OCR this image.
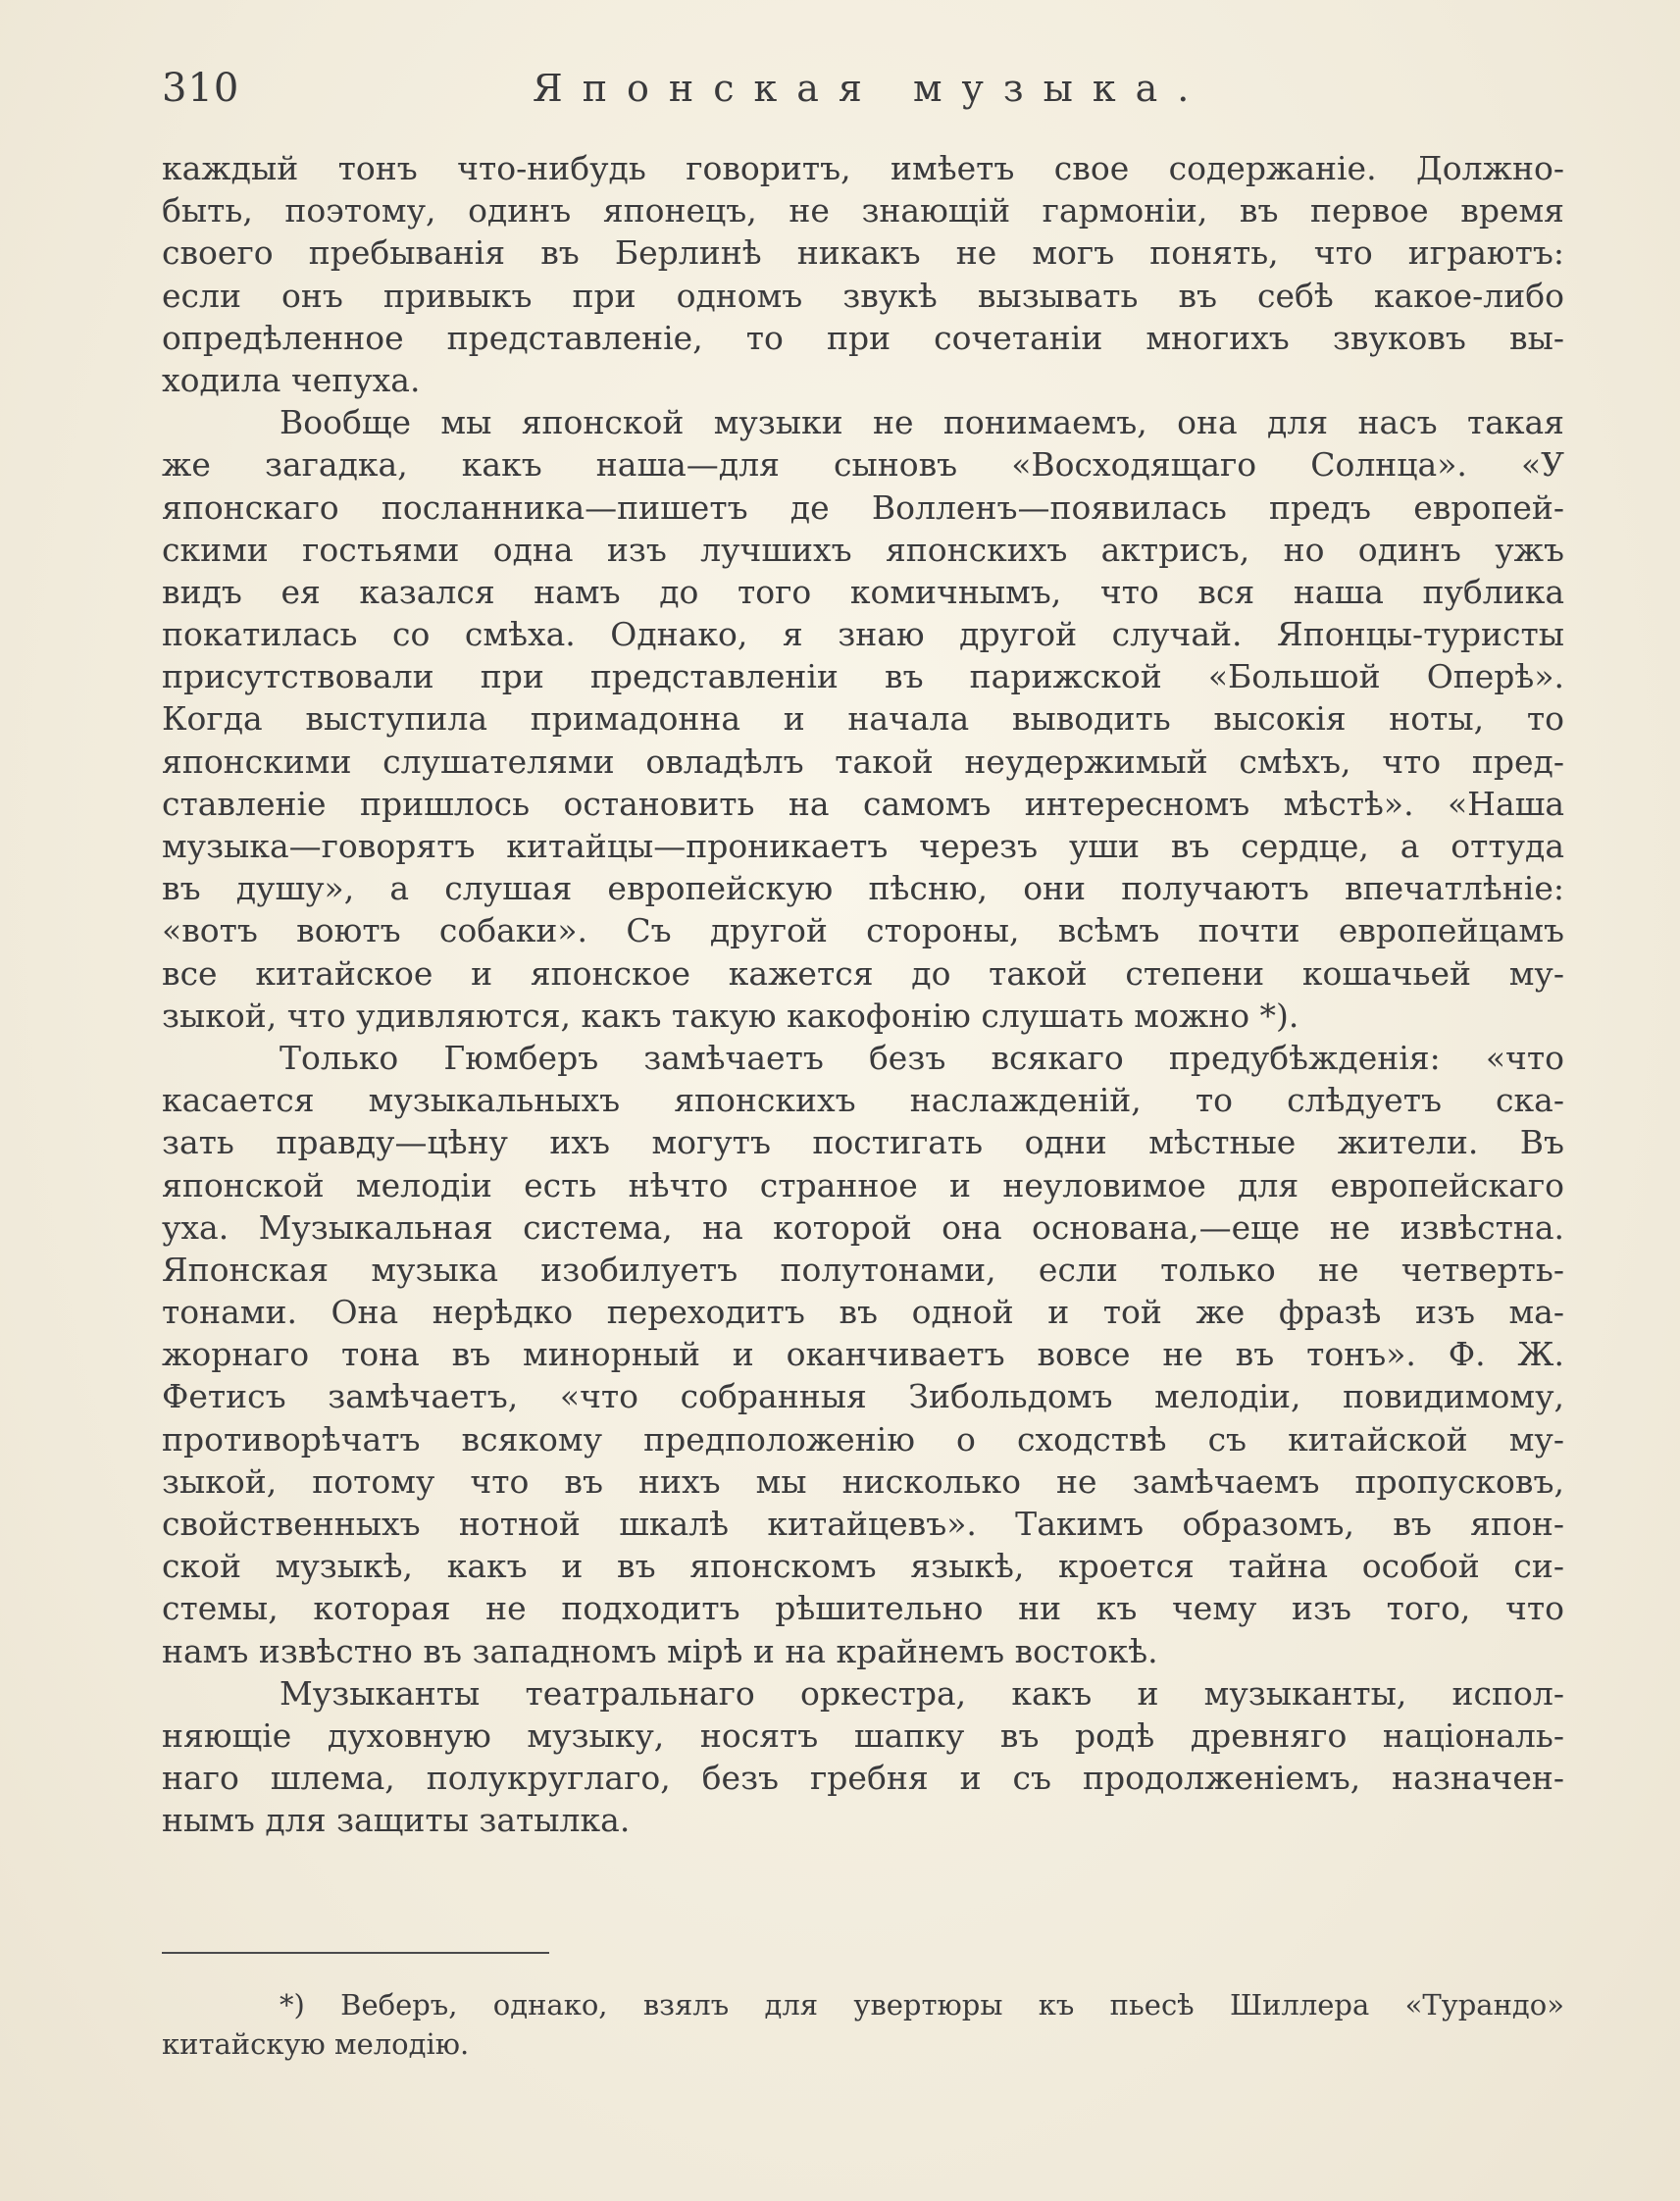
310	Японская музыка.
каждый тонъ что-нибудь говоритъ, имѣетъ свое содержаніе. Должно-
быть, поэтому, одинъ японецъ, не знающій гармоніи, въ первое время
своего пребыванія въ Берлинѣ никакъ не могъ понять, что играютъ:
если онъ привыкъ при одномъ звукѣ вызывать въ себѣ какое-либо
опредѣленное представленіе, то при сочетаніи многихъ звуковъ вы-
ходила чепуха.
Вообще мы японской музыки не понимаемъ, она для насъ такая
же загадка, какъ наша—для сыновъ «Восходящаго Солнца». «У
японскаго посланника—пишетъ де Волленъ—появилась предъ европей-
скими гостьями одна изъ лучшихъ японскихъ актрисъ, но одинъ ужъ
видъ ея казался намъ до того комичнымъ, что вся наша публика
покатилась со смѣха. Однако, я знаю другой случай. Японцы-туристы
присутствовали при представленіи въ парижской «Большой Оперѣ».
Когда выступила примадонна и начала выводить высокія ноты, то
японскими слушателями овладѣлъ такой неудержимый смѣхъ, что пред-
ставленіе пришлось остановить на самомъ интересномъ мѣстѣ». «Наша
музыка—говорятъ китайцы—проникаетъ черезъ уши въ сердце, а оттуда
въ душу», а слушая европейскую пѣсню, они получаютъ впечатлѣніе:
«вотъ воютъ собаки». Съ другой стороны, всѣмъ почти европейцамъ
все китайское и японское кажется до такой степени кошачьей му-
зыкой, что удивляются, какъ такую какофонію слушать можно *).
Только Гюмберъ замѣчаетъ безъ всякаго предубѣжденія: «что
касается музыкальныхъ японскихъ наслажденій, то слѣдуетъ ска-
зать правду—цѣну ихъ могутъ постигать одни мѣстные жители. Въ
японской мелодіи есть нѣчто странное и неуловимое для европейскаго
уха. Музыкальная система, на которой она основана,—еще не извѣстна.
Японская музыка изобилуетъ полутонами, если только не четверть-
тонами. Она нерѣдко переходитъ въ одной и той же фразѣ изъ ма-
жорнаго тона въ минорный и оканчиваетъ вовсе не въ тонъ». Ф. Ж.
Фетисъ замѣчаетъ, «что собранныя Зибольдомъ мелодіи, повидимому,
противорѣчатъ всякому предположенію о сходствѣ съ китайской му-
зыкой, потому что въ нихъ мы нисколько не замѣчаемъ пропусковъ,
свойственныхъ нотной шкалѣ китайцевъ». Такимъ образомъ, въ япон-
ской музыкѣ, какъ и въ японскомъ языкѣ, кроется тайна особой си-
стемы, которая не подходитъ рѣшительно ни къ чему изъ того, что
намъ извѣстно въ западномъ мірѣ и на крайнемъ востокѣ.
Музыканты театральнаго оркестра, какъ и музыканты, испол-
няющіе духовную музыку, носятъ шапку въ родѣ древняго національ-
наго шлема, полукруглаго, безъ гребня и съ продолженіемъ, назначен-
нымъ для защиты затылка.
*) Веберъ, однако, взялъ для увертюры къ пьесѣ Шиллера «Турандо»
китайскую мелодію.
